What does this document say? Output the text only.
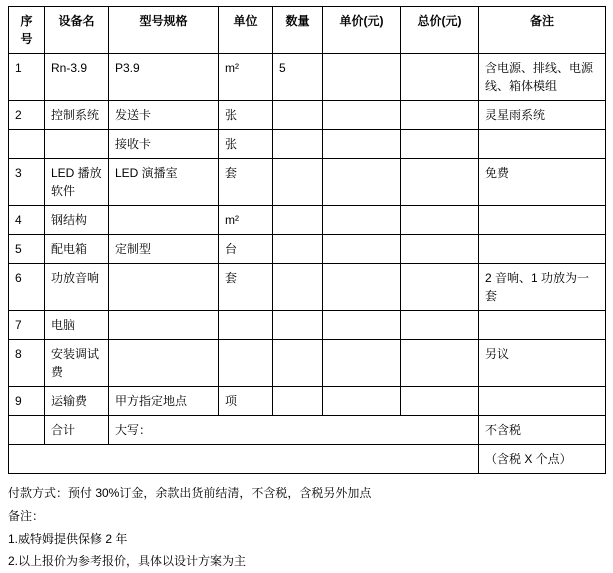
序号	设备名	型号规格	单位	数量	单价(元)	总价(元)	备注
1	Rn-3.9	P3.9	m²	5			含电源、排线、电源线、箱体模组
2	控制系统	发送卡	张				灵星雨系统
		接收卡	张				
3	LED 播放软件	LED 演播室	套				免费
4	钢结构		m²				
5	配电箱	定制型	台				
6	功放音响		套				2 音响、1 功放为一套
7	电脑						
8	安装调试费						另议
9	运输费	甲方指定地点	项				
	合计	大写：					不含税
							（含税 X 个点）
付款方式：预付 30%订金，余款出货前结清，不含税，含税另外加点
备注：
1.威特姆提供保修 2 年
2.以上报价为参考报价，具体以设计方案为主
